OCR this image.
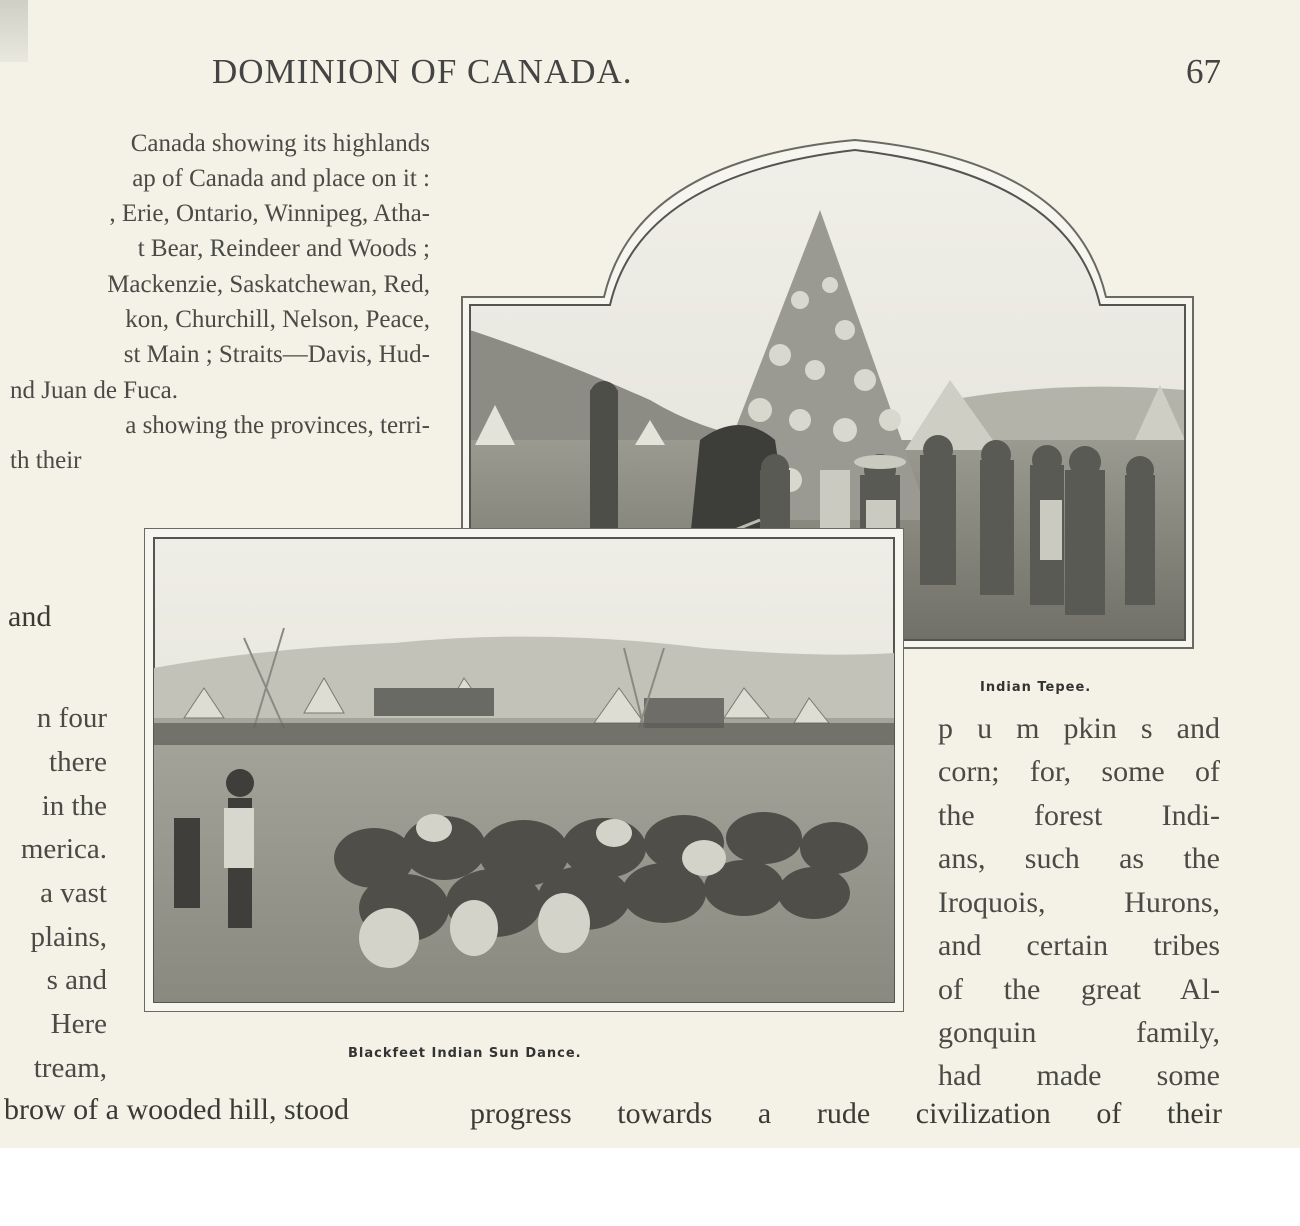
DOMINION OF CANADA.	67
Canada showing its highlands
ap of Canada and place on it :
, Erie, Ontario, Winnipeg, Atha-
t Bear, Reindeer and Woods ;
Mackenzie, Saskatchewan, Red,
kon, Churchill, Nelson, Peace,
st Main ; Straits—Davis, Hud-
nd Juan de Fuca.
a showing the provinces, terri-
th their
and
n four
there
in the
merica.
a vast
plains,
s and
Here
tream,
p u m pkin s and
corn; for, some of
the forest Indi-
ans, such as the
Iroquois, Hurons,
and certain tribes
of the great Al-
gonquin family,
had made some
brow of a wooded hill, stood	progress towards a rude civilization of their
Indian Tepee.
Blackfeet Indian Sun Dance.
